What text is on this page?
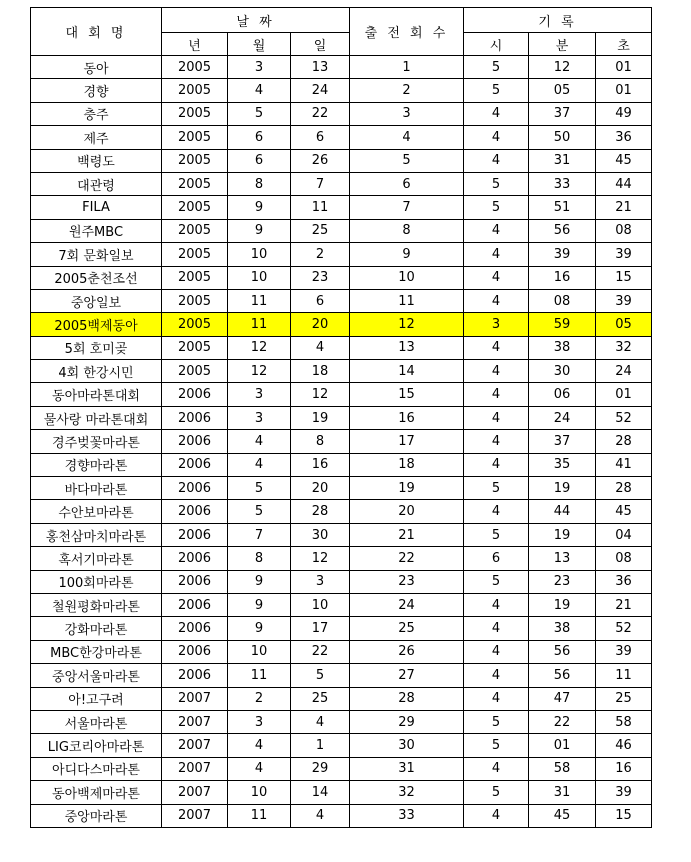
대 회 명	날 짜			출 전 회 수	기 록		
	년	월	일		시	분	초
동아	2005	3	13	1	5	12	01
경향	2005	4	24	2	5	05	01
충주	2005	5	22	3	4	37	49
제주	2005	6	6	4	4	50	36
백령도	2005	6	26	5	4	31	45
대관령	2005	8	7	6	5	33	44
FILA	2005	9	11	7	5	51	21
원주MBC	2005	9	25	8	4	56	08
7회 문화일보	2005	10	2	9	4	39	39
2005춘천조선	2005	10	23	10	4	16	15
중앙일보	2005	11	6	11	4	08	39
2005백제동아	2005	11	20	12	3	59	05
5회 호미곶	2005	12	4	13	4	38	32
4회 한강시민	2005	12	18	14	4	30	24
동아마라톤대회	2006	3	12	15	4	06	01
물사랑 마라톤대회	2006	3	19	16	4	24	52
경주벚꽃마라톤	2006	4	8	17	4	37	28
경향마라톤	2006	4	16	18	4	35	41
바다마라톤	2006	5	20	19	5	19	28
수안보마라톤	2006	5	28	20	4	44	45
홍천삼마치마라톤	2006	7	30	21	5	19	04
혹서기마라톤	2006	8	12	22	6	13	08
100회마라톤	2006	9	3	23	5	23	36
철원평화마라톤	2006	9	10	24	4	19	21
강화마라톤	2006	9	17	25	4	38	52
MBC한강마라톤	2006	10	22	26	4	56	39
중앙서울마라톤	2006	11	5	27	4	56	11
아!고구려	2007	2	25	28	4	47	25
서울마라톤	2007	3	4	29	5	22	58
LIG코리아마라톤	2007	4	1	30	5	01	46
아디다스마라톤	2007	4	29	31	4	58	16
동아백제마라톤	2007	10	14	32	5	31	39
중앙마라톤	2007	11	4	33	4	45	15
